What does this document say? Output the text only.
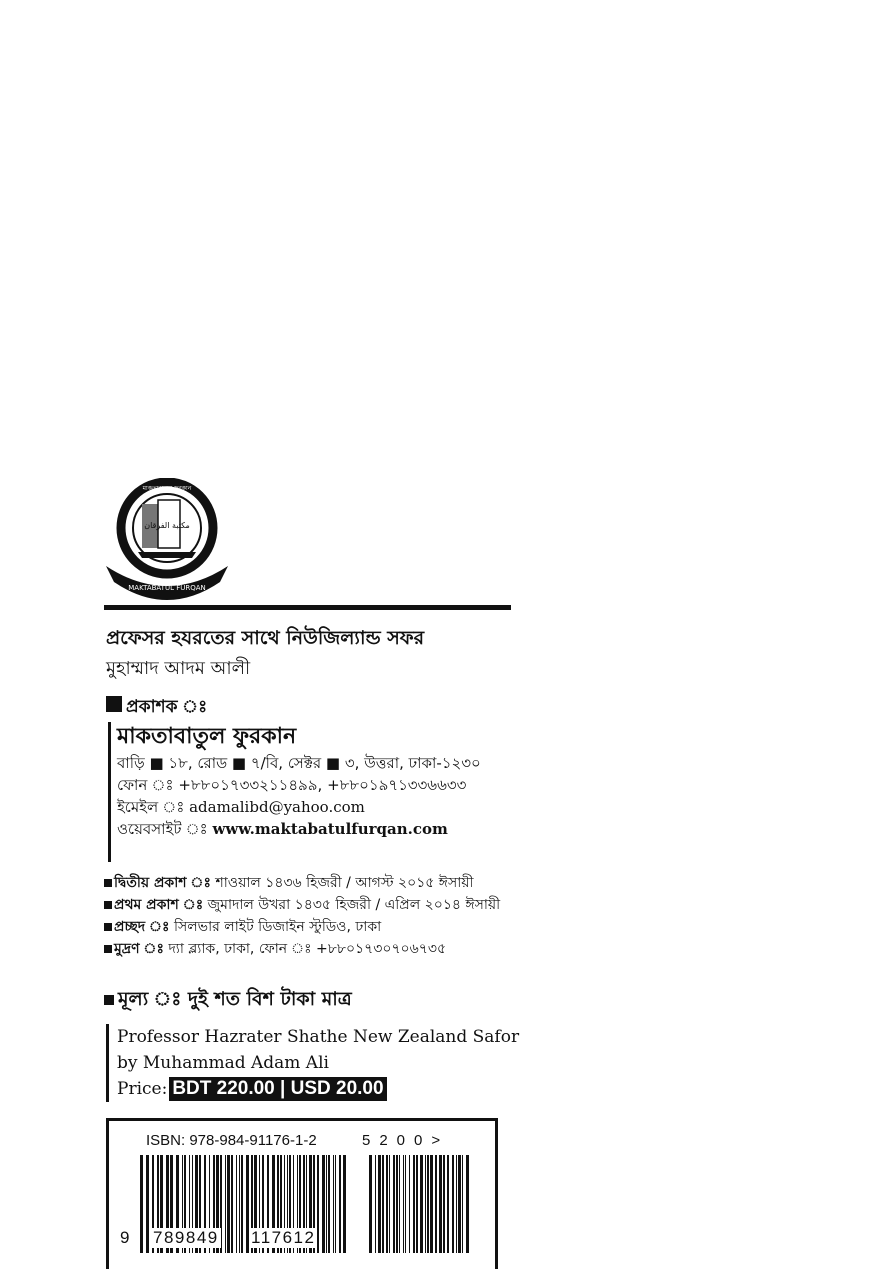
MAKTABATUL FURQAN
مكتبة الفرقان
মাকতাবাতুল ফুরকান
প্রফেসর হযরতের সাথে নিউজিল্যান্ড সফর
মুহাম্মাদ আদম আলী
প্রকাশক ঃ
মাকতাবাতুল ফুরকান
বাড়ি ■ ১৮, রোড ■ ৭/বি, সেক্টর ■ ৩, উত্তরা, ঢাকা-১২৩০
ফোন ঃ +৮৮০১৭৩৩২১১৪৯৯, +৮৮০১৯৭১৩৩৬৬৩৩
ইমেইল ঃ adamalibd@yahoo.com
ওয়েবসাইট ঃ www.maktabatulfurqan.com
দ্বিতীয় প্রকাশ ঃ শাওয়াল ১৪৩৬ হিজরী / আগস্ট ২০১৫ ঈসায়ী
প্রথম প্রকাশ ঃ জুমাদাল উখরা ১৪৩৫ হিজরী / এপ্রিল ২০১৪ ঈসায়ী
প্রচ্ছদ ঃ সিলভার লাইট ডিজাইন স্টুডিও, ঢাকা
মুদ্রণ ঃ দ্যা ব্ল্যাক, ঢাকা, ফোন ঃ +৮৮০১৭৩০৭০৬৭৩৫
মূল্য ঃ দুই শত বিশ টাকা মাত্র
Professor Hazrater Shathe New Zealand Safor
by Muhammad Adam Ali
Price: BDT 220.00 | USD 20.00
ISBN: 978-984-91176-1-2	5200>
9 789849 117612
